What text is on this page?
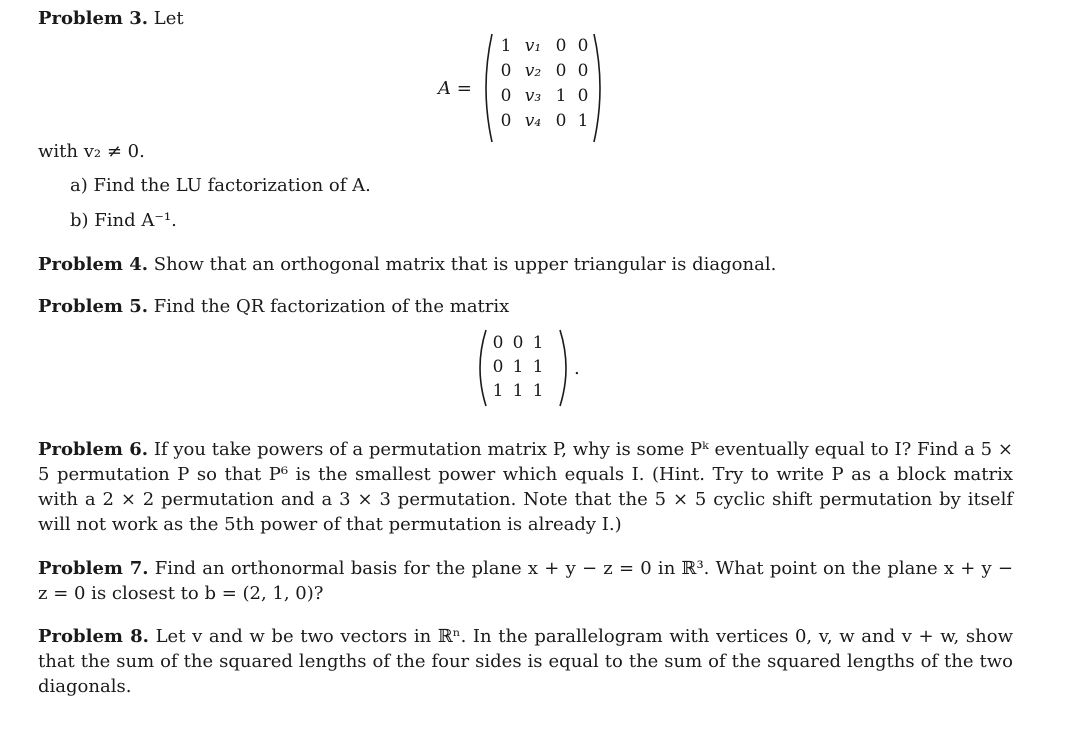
Problem 3. Let
A =
1 v₁ 0 0
0 v₂ 0 0
0 v₃ 1 0
0 v₄ 0 1
with v₂ ≠ 0.
a) Find the LU factorization of A.
b) Find A⁻¹.
Problem 4. Show that an orthogonal matrix that is upper triangular is diagonal.
Problem 5. Find the QR factorization of the matrix
0 0 1
0 1 1
1 1 1
.
Problem 6. If you take powers of a permutation matrix P, why is some Pᵏ eventually equal to I? Find a 5 × 5 permutation P so that P⁶ is the smallest power which equals I. (Hint. Try to write P as a block matrix with a 2 × 2 permutation and a 3 × 3 permutation. Note that the 5 × 5 cyclic shift permutation by itself will not work as the 5th power of that permutation is already I.)
Problem 7. Find an orthonormal basis for the plane x + y − z = 0 in ℝ³. What point on the plane x + y − z = 0 is closest to b = (2, 1, 0)?
Problem 8. Let v and w be two vectors in ℝⁿ. In the parallelogram with vertices 0, v, w and v + w, show that the sum of the squared lengths of the four sides is equal to the sum of the squared lengths of the two diagonals.
